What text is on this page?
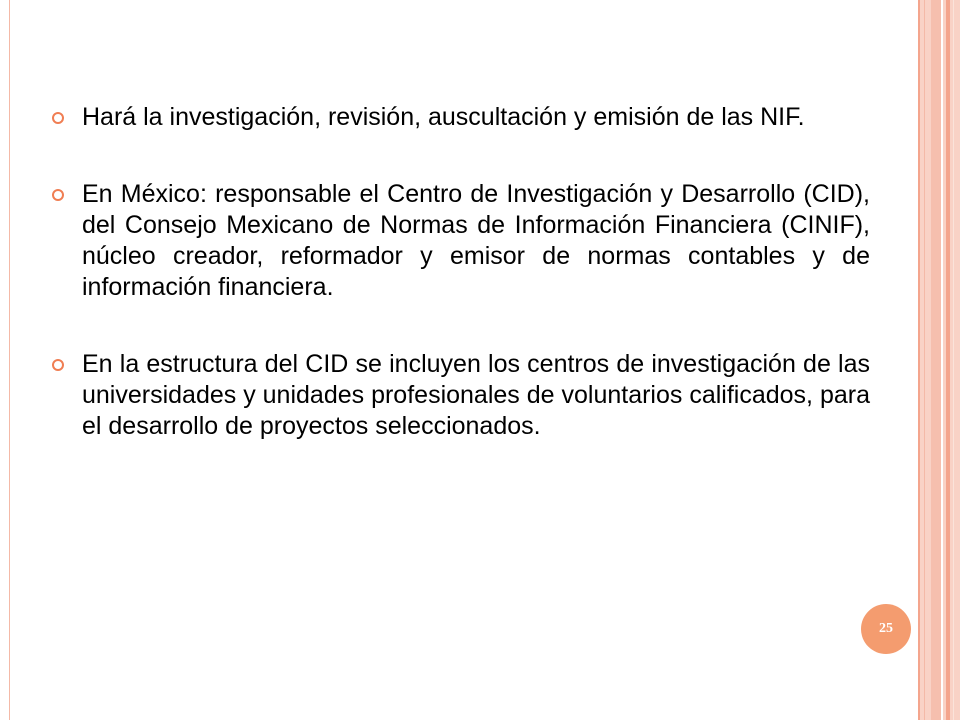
Hará la investigación, revisión, auscultación y emisión de las NIF.
En México: responsable el Centro de Investigación y Desarrollo (CID), del Consejo Mexicano de Normas de Información Financiera (CINIF), núcleo creador, reformador y emisor de normas contables y de información financiera.
En la estructura del CID se incluyen los centros de investigación de las universidades y unidades profesionales de voluntarios calificados, para el desarrollo de proyectos seleccionados.
25
